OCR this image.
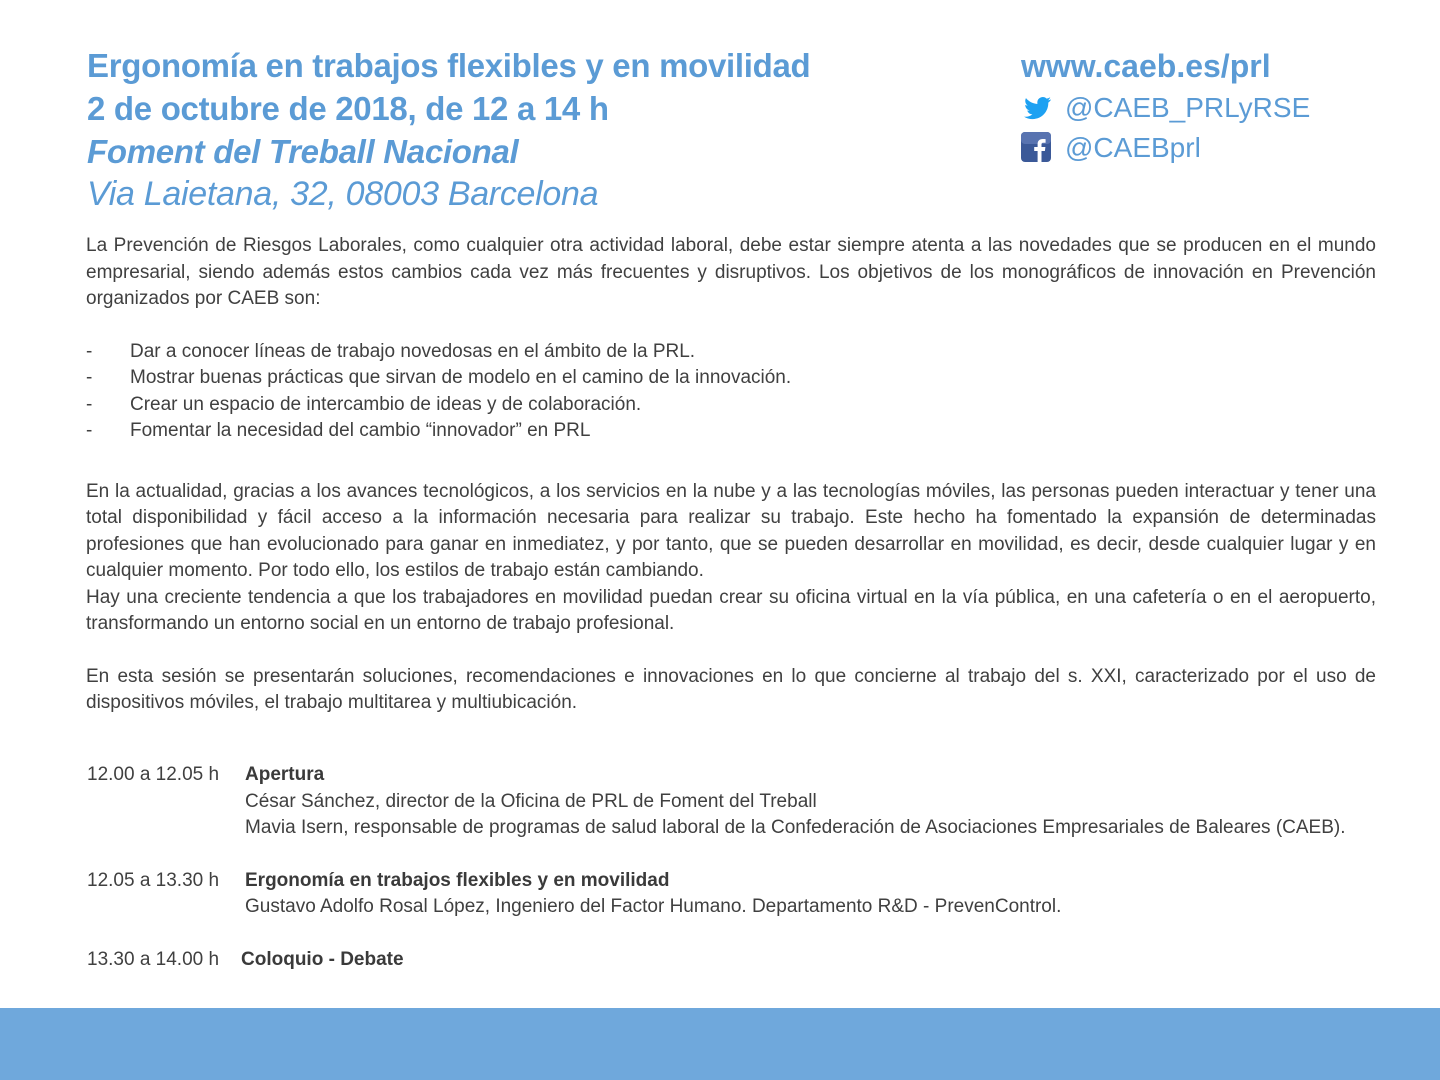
Ergonomía en trabajos flexibles y en movilidad
2 de octubre de 2018, de 12 a 14 h
Foment del Treball Nacional
Via Laietana, 32, 08003 Barcelona
www.caeb.es/prl
@CAEB_PRLyRSE
@CAEBprl

La Prevención de Riesgos Laborales, como cualquier otra actividad laboral, debe estar siempre atenta a las novedades que se producen en el mundo empresarial, siendo además estos cambios cada vez más frecuentes y disruptivos. Los objetivos de los monográficos de innovación en Prevención organizados por CAEB son:

-	Dar a conocer líneas de trabajo novedosas en el ámbito de la PRL.
-	Mostrar buenas prácticas que sirvan de modelo en el camino de la innovación.
-	Crear un espacio de intercambio de ideas y de colaboración.
-	Fomentar la necesidad del cambio “innovador” en PRL

En la actualidad, gracias a los avances tecnológicos, a los servicios en la nube y a las tecnologías móviles, las personas pueden interactuar y tener una total disponibilidad y fácil acceso a la información necesaria para realizar su trabajo. Este hecho ha fomentado la expansión de determinadas profesiones que han evolucionado para ganar en inmediatez, y por tanto, que se pueden desarrollar en movilidad, es decir, desde cualquier lugar y en cualquier momento. Por todo ello, los estilos de trabajo están cambiando.

Hay una creciente tendencia a que los trabajadores en movilidad puedan crear su oficina virtual en la vía pública, en una cafetería o en el aeropuerto, transformando un entorno social en un entorno de trabajo profesional.

En esta sesión se presentarán soluciones, recomendaciones e innovaciones en lo que concierne al trabajo del s. XXI, caracterizado por el uso de dispositivos móviles, el trabajo multitarea y multiubicación.

12.00 a 12.05 h	Apertura
César Sánchez, director de la Oficina de PRL de Foment del Treball
Mavia Isern, responsable de programas de salud laboral de la Confederación de Asociaciones Empresariales de Baleares (CAEB).
12.05 a 13.30 h	Ergonomía en trabajos flexibles y en movilidad
Gustavo Adolfo Rosal López, Ingeniero del Factor Humano. Departamento R&D - PrevenControl.
13.30 a 14.00 h	Coloquio - Debate
